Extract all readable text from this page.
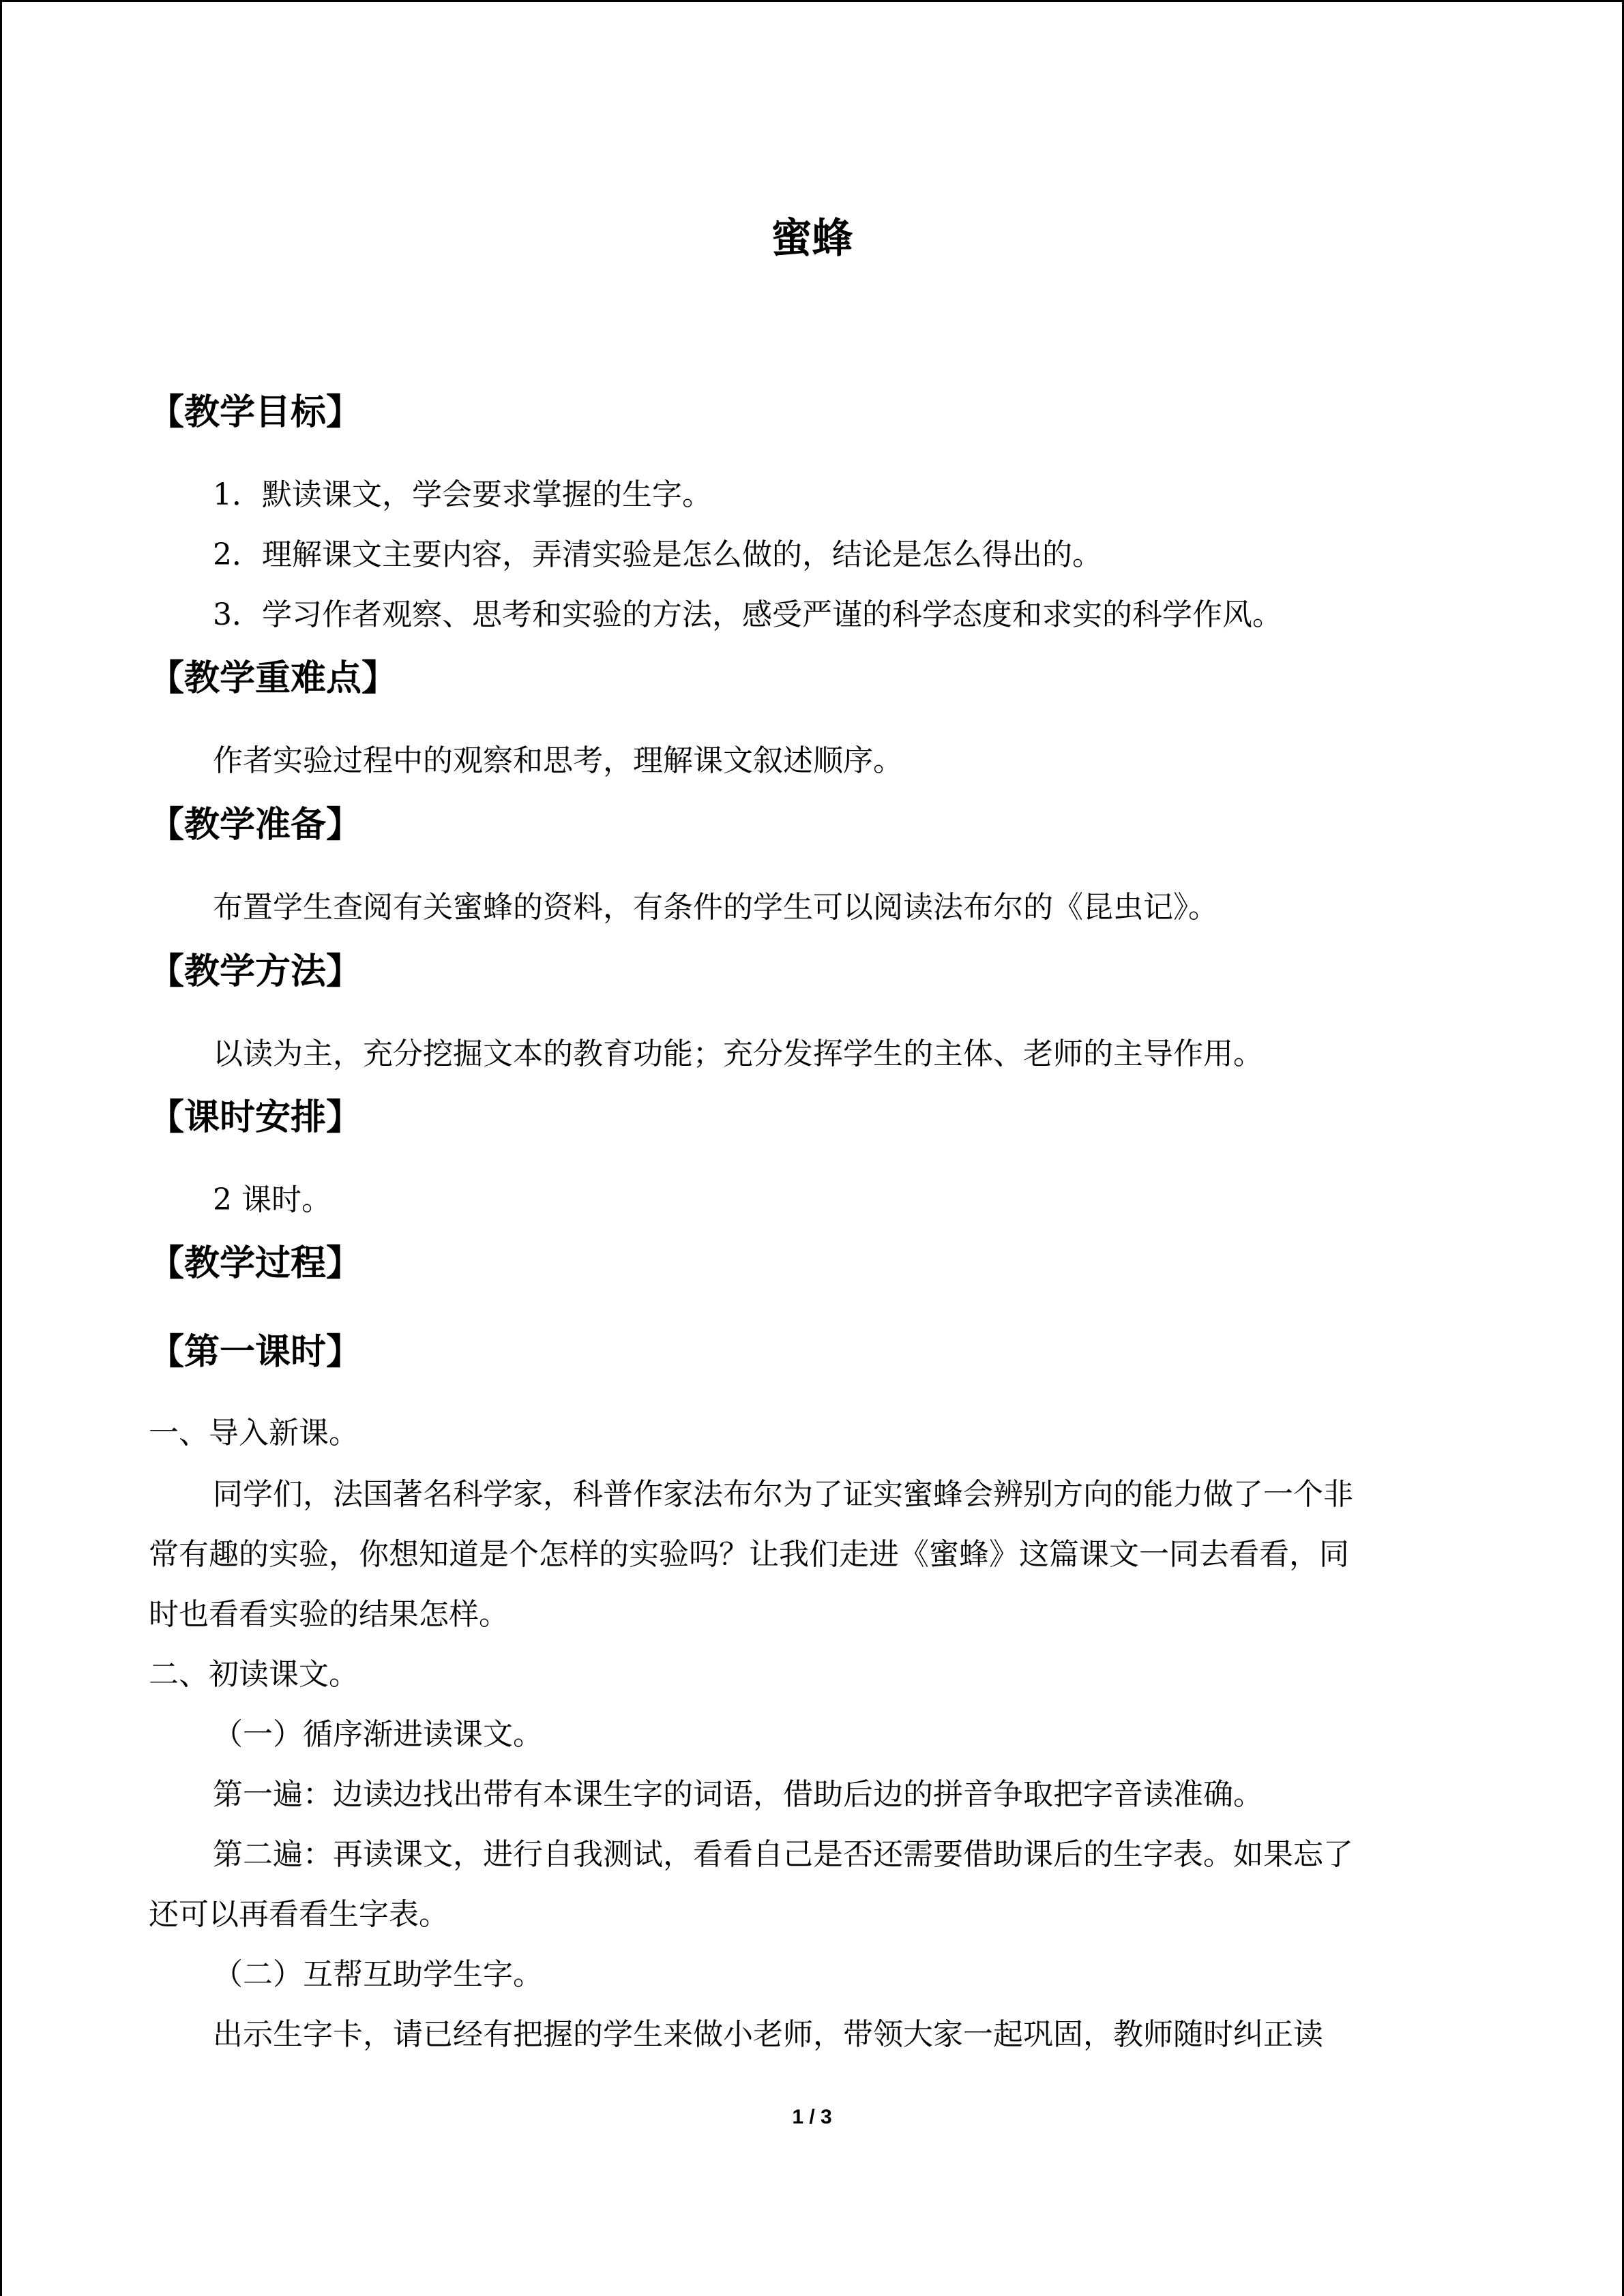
蜜蜂
【教学目标】
1．默读课文，学会要求掌握的生字。
2．理解课文主要内容，弄清实验是怎么做的，结论是怎么得出的。
3．学习作者观察、思考和实验的方法，感受严谨的科学态度和求实的科学作风。
【教学重难点】
作者实验过程中的观察和思考，理解课文叙述顺序。
【教学准备】
布置学生查阅有关蜜蜂的资料，有条件的学生可以阅读法布尔的《昆虫记》。
【教学方法】
以读为主，充分挖掘文本的教育功能；充分发挥学生的主体、老师的主导作用。
【课时安排】
2 课时。
【教学过程】
【第一课时】
一、导入新课。
同学们，法国著名科学家，科普作家法布尔为了证实蜜蜂会辨别方向的能力做了一个非
常有趣的实验，你想知道是个怎样的实验吗？让我们走进《蜜蜂》这篇课文一同去看看，同
时也看看实验的结果怎样。
二、初读课文。
（一）循序渐进读课文。
第一遍：边读边找出带有本课生字的词语，借助后边的拼音争取把字音读准确。
第二遍：再读课文，进行自我测试，看看自己是否还需要借助课后的生字表。如果忘了
还可以再看看生字表。
（二）互帮互助学生字。
出示生字卡，请已经有把握的学生来做小老师，带领大家一起巩固，教师随时纠正读
1 / 3
